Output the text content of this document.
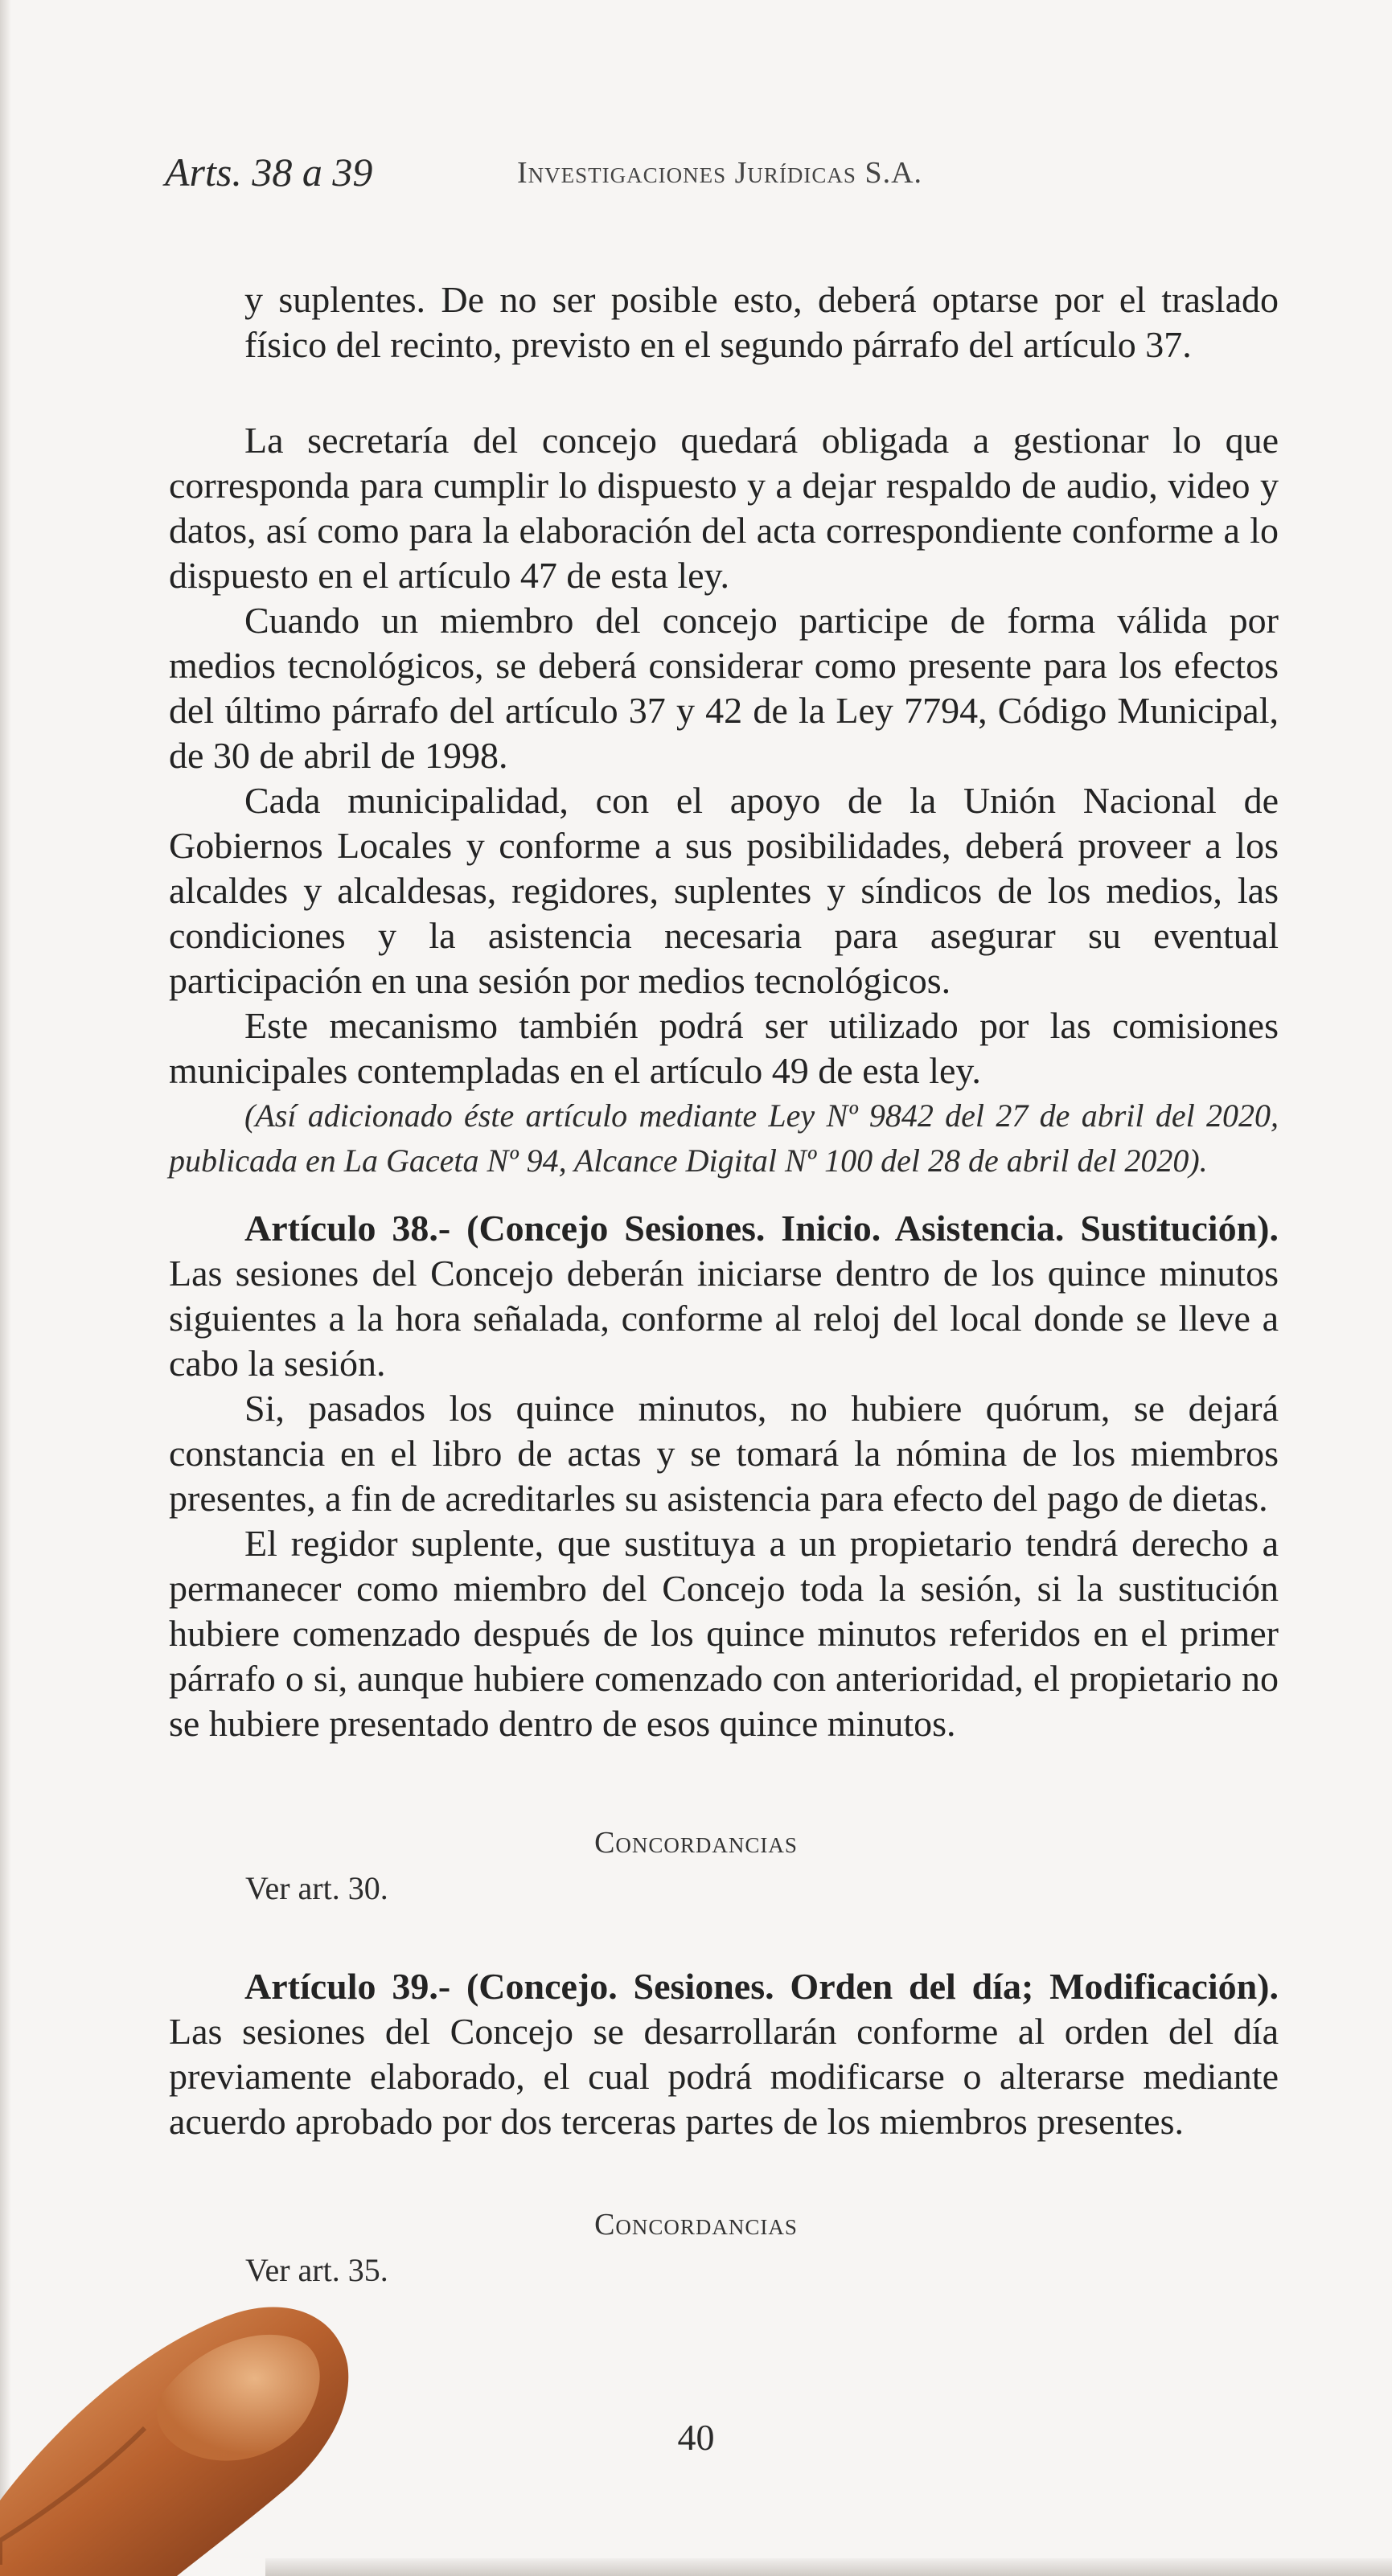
Arts. 38 a 39	Investigaciones Jurídicas S.A.

y suplentes. De no ser posible esto, deberá optarse por el traslado físico del recinto, previsto en el segundo párrafo del artículo 37.

La secretaría del concejo quedará obligada a gestionar lo que corresponda para cumplir lo dispuesto y a dejar respaldo de audio, video y datos, así como para la elaboración del acta correspondiente conforme a lo dispuesto en el artículo 47 de esta ley.

Cuando un miembro del concejo participe de forma válida por medios tecnológicos, se deberá considerar como presente para los efectos del último párrafo del artículo 37 y 42 de la Ley 7794, Código Municipal, de 30 de abril de 1998.

Cada municipalidad, con el apoyo de la Unión Nacional de Gobiernos Locales y conforme a sus posibilidades, deberá proveer a los alcaldes y alcaldesas, regidores, suplentes y síndicos de los medios, las condiciones y la asistencia necesaria para asegurar su eventual participación en una sesión por medios tecnológicos.

Este mecanismo también podrá ser utilizado por las comisiones municipales contempladas en el artículo 49 de esta ley.

(Así adicionado éste artículo mediante Ley Nº 9842 del 27 de abril del 2020, publicada en La Gaceta Nº 94, Alcance Digital Nº 100 del 28 de abril del 2020).

Artículo 38.- (Concejo Sesiones. Inicio. Asistencia. Sustitución). Las sesiones del Concejo deberán iniciarse dentro de los quince minutos siguientes a la hora señalada, conforme al reloj del local donde se lleve a cabo la sesión.

Si, pasados los quince minutos, no hubiere quórum, se dejará constancia en el libro de actas y se tomará la nómina de los miembros presentes, a fin de acreditarles su asistencia para efecto del pago de dietas.

El regidor suplente, que sustituya a un propietario tendrá derecho a permanecer como miembro del Concejo toda la sesión, si la sustitución hubiere comenzado después de los quince minutos referidos en el primer párrafo o si, aunque hubiere comenzado con anterioridad, el propietario no se hubiere presentado dentro de esos quince minutos.

Concordancias
Ver art. 30.

Artículo 39.- (Concejo. Sesiones. Orden del día; Modificación). Las sesiones del Concejo se desarrollarán conforme al orden del día previamente elaborado, el cual podrá modificarse o alterarse mediante acuerdo aprobado por dos terceras partes de los miembros presentes.

Concordancias
Ver art. 35.
40
